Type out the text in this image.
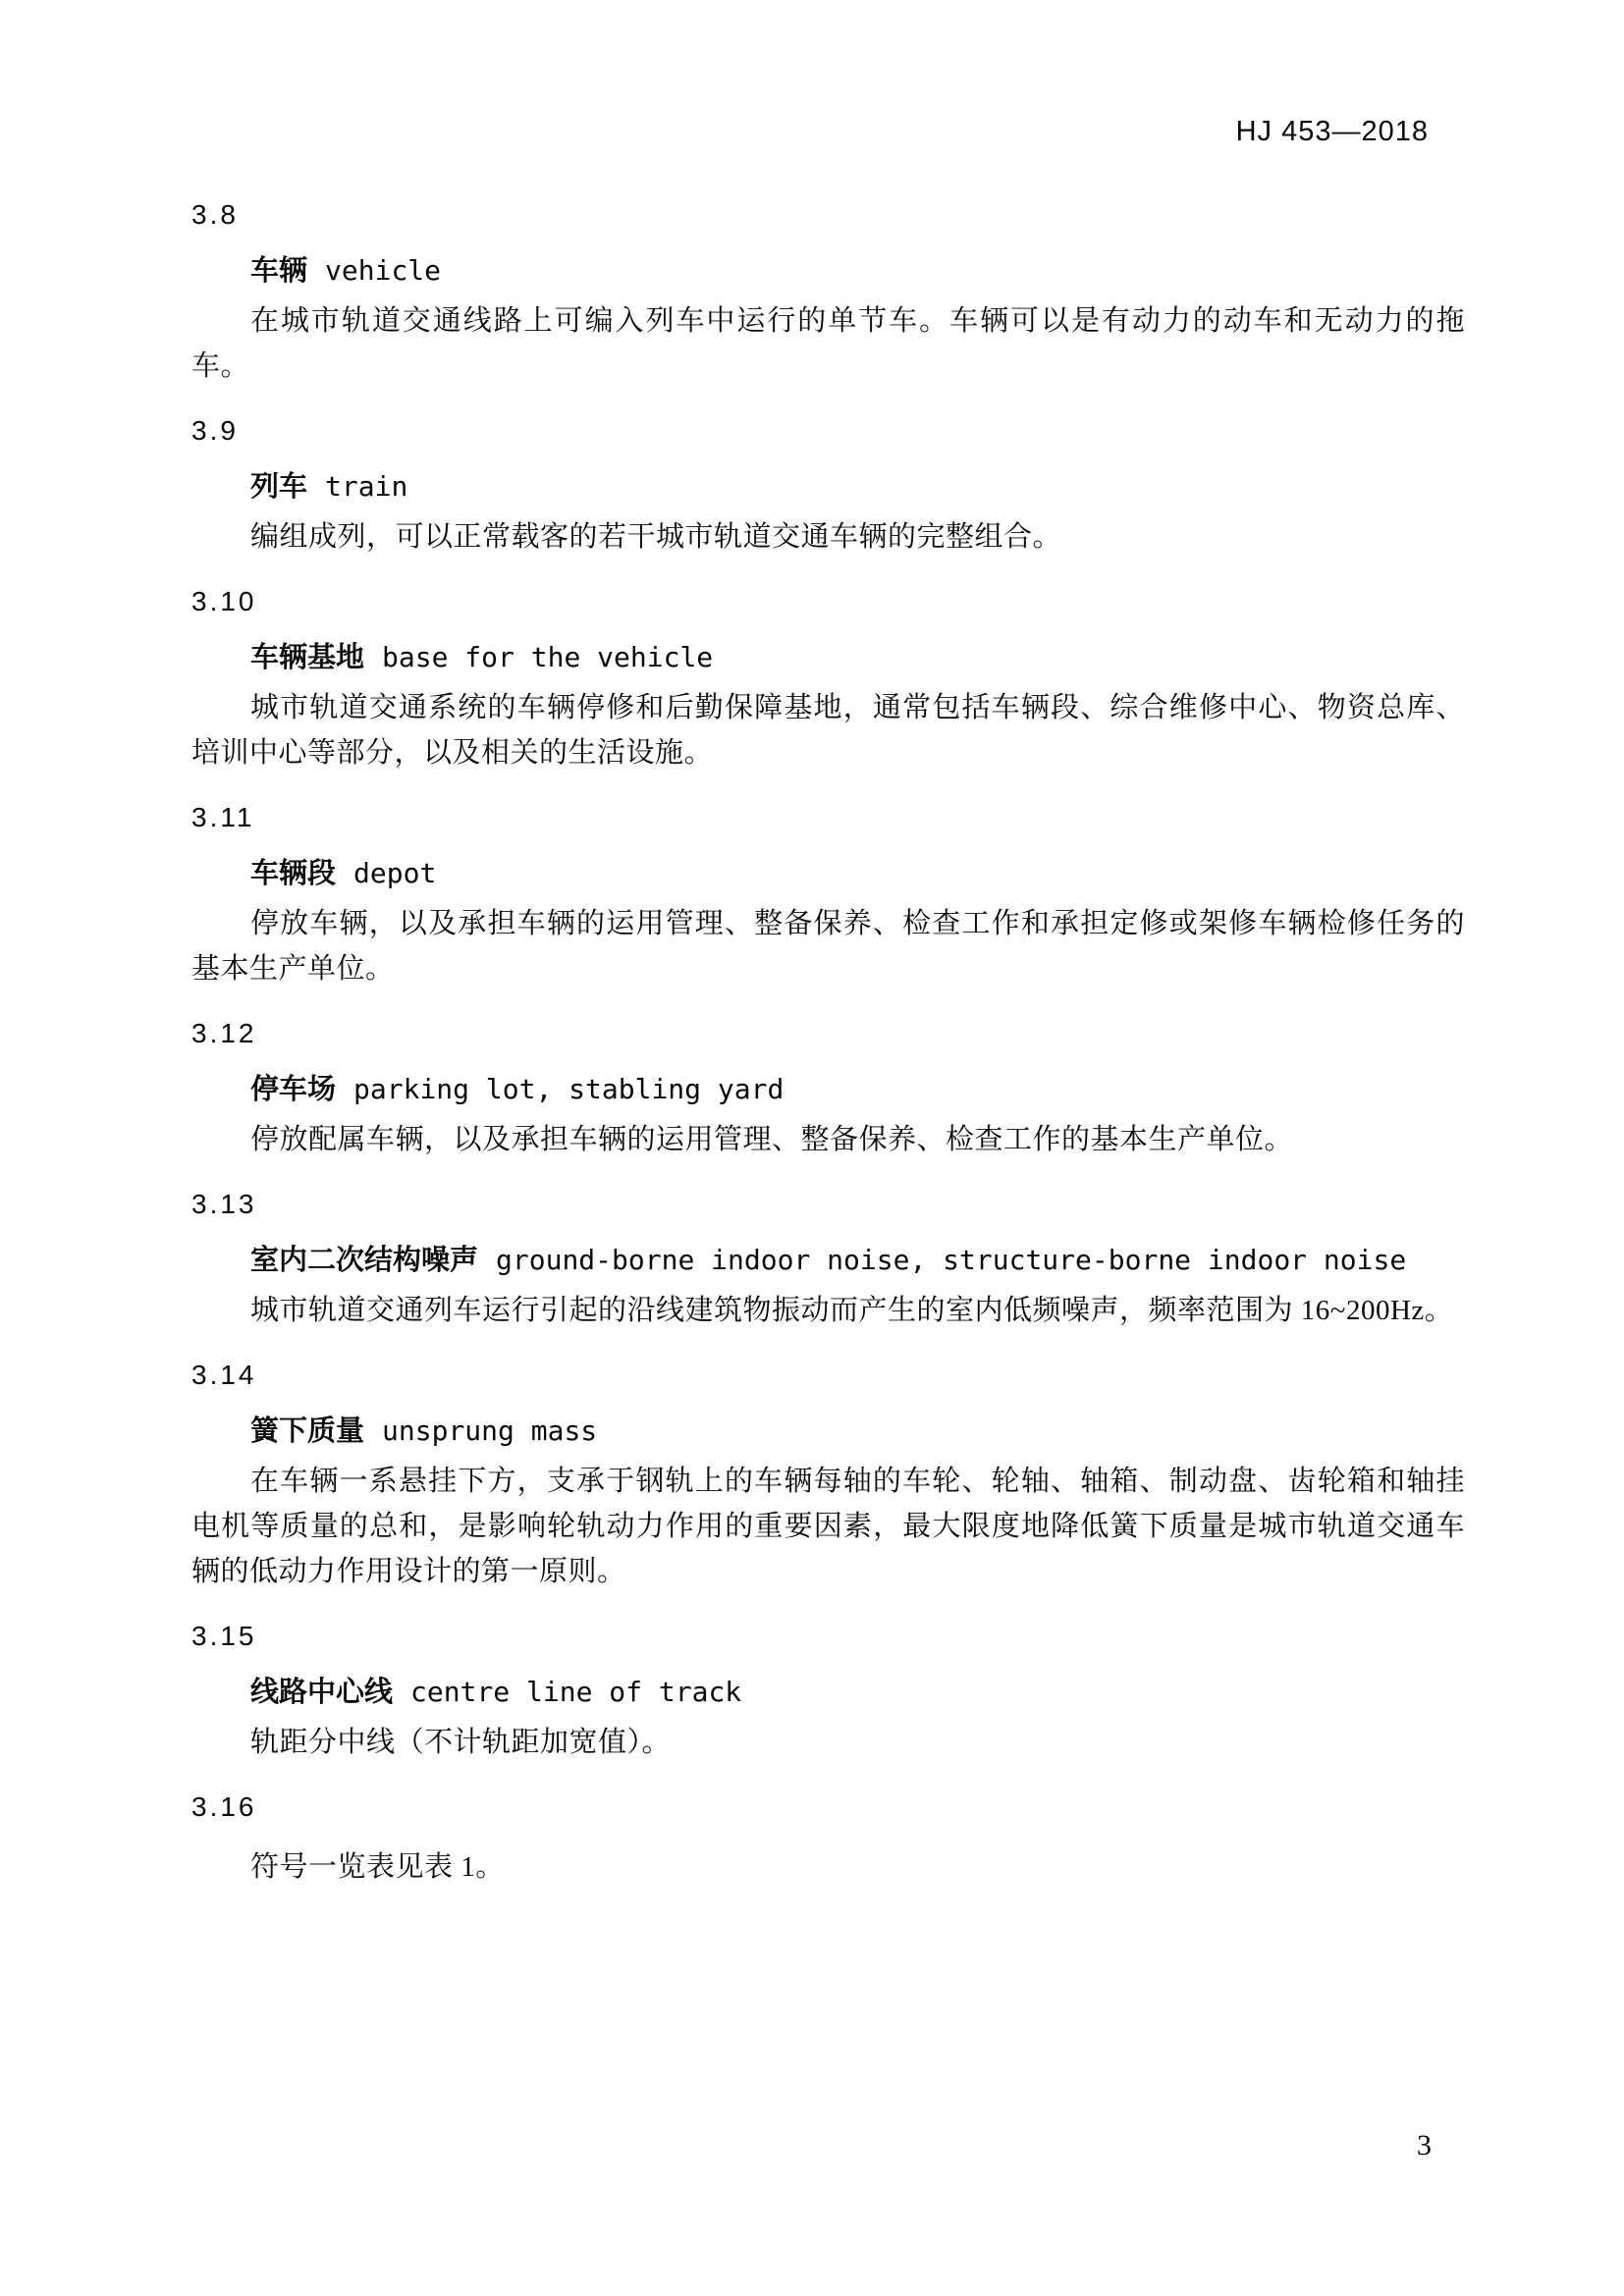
HJ 453—2018
3.8
车辆 vehicle

在城市轨道交通线路上可编入列车中运行的单节车。车辆可以是有动力的动车和无动力的拖车。

3.9
列车 train

编组成列，可以正常载客的若干城市轨道交通车辆的完整组合。

3.10
车辆基地 base for the vehicle

城市轨道交通系统的车辆停修和后勤保障基地，通常包括车辆段、综合维修中心、物资总库、培训中心等部分，以及相关的生活设施。

3.11
车辆段 depot

停放车辆，以及承担车辆的运用管理、整备保养、检查工作和承担定修或架修车辆检修任务的基本生产单位。

3.12
停车场 parking lot, stabling yard

停放配属车辆，以及承担车辆的运用管理、整备保养、检查工作的基本生产单位。

3.13
室内二次结构噪声 ground-borne indoor noise, structure-borne indoor noise

城市轨道交通列车运行引起的沿线建筑物振动而产生的室内低频噪声，频率范围为 16~200Hz。

3.14
簧下质量 unsprung mass

在车辆一系悬挂下方，支承于钢轨上的车辆每轴的车轮、轮轴、轴箱、制动盘、齿轮箱和轴挂电机等质量的总和，是影响轮轨动力作用的重要因素，最大限度地降低簧下质量是城市轨道交通车辆的低动力作用设计的第一原则。

3.15
线路中心线 centre line of track

轨距分中线（不计轨距加宽值）。

3.16

符号一览表见表 1。

3
